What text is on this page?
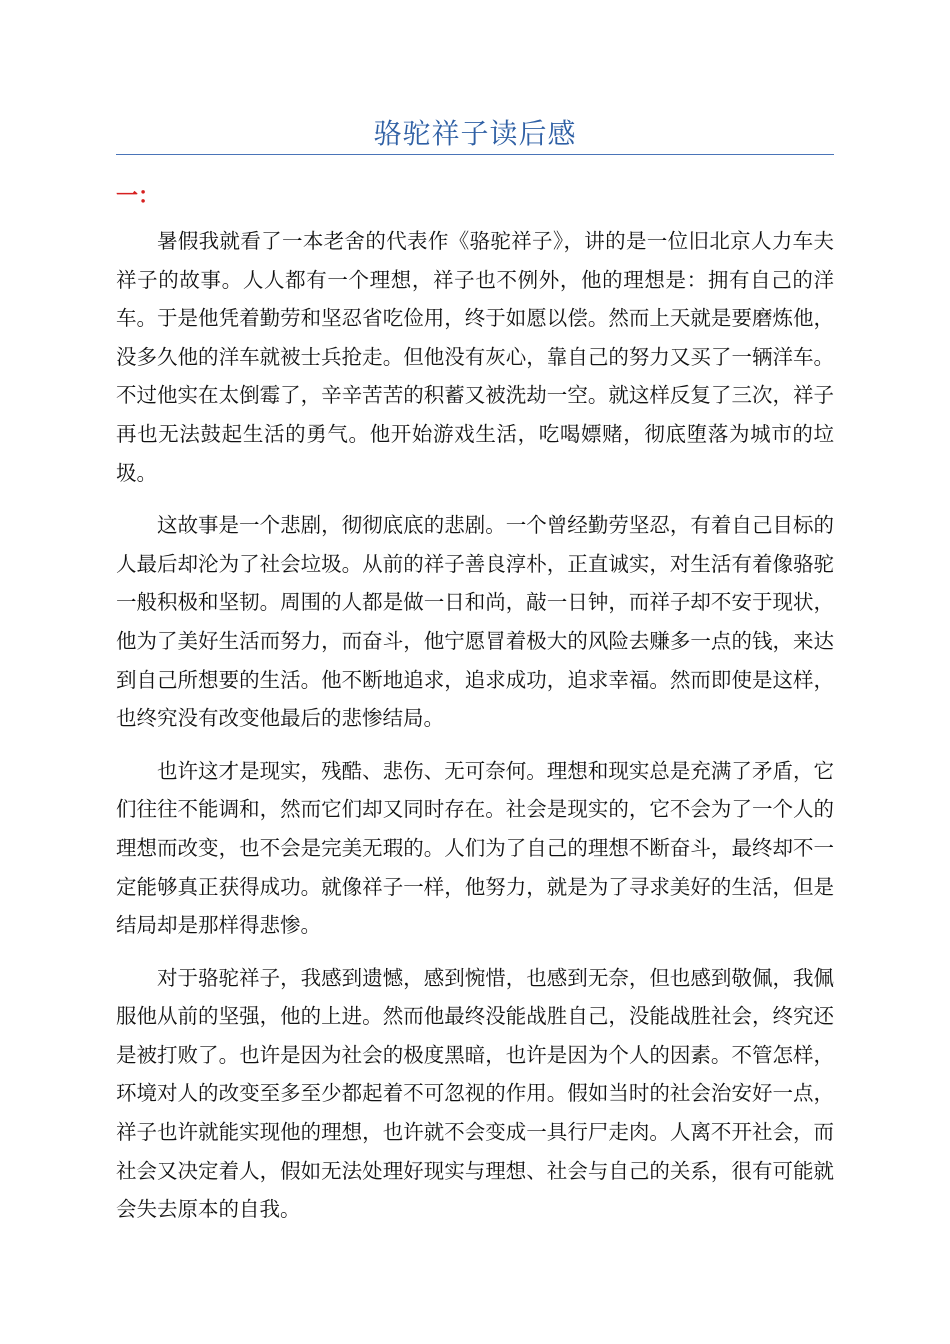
骆驼祥子读后感
一：

暑假我就看了一本老舍的代表作《骆驼祥子》，讲的是一位旧北京人力车夫祥子的故事。人人都有一个理想，祥子也不例外，他的理想是：拥有自己的洋车。于是他凭着勤劳和坚忍省吃俭用，终于如愿以偿。然而上天就是要磨炼他，没多久他的洋车就被士兵抢走。但他没有灰心，靠自己的努力又买了一辆洋车。不过他实在太倒霉了，辛辛苦苦的积蓄又被洗劫一空。就这样反复了三次，祥子再也无法鼓起生活的勇气。他开始游戏生活，吃喝嫖赌，彻底堕落为城市的垃圾。

这故事是一个悲剧，彻彻底底的悲剧。一个曾经勤劳坚忍，有着自己目标的人最后却沦为了社会垃圾。从前的祥子善良淳朴，正直诚实，对生活有着像骆驼一般积极和坚韧。周围的人都是做一日和尚，敲一日钟，而祥子却不安于现状，他为了美好生活而努力，而奋斗，他宁愿冒着极大的风险去赚多一点的钱，来达到自己所想要的生活。他不断地追求，追求成功，追求幸福。然而即使是这样，也终究没有改变他最后的悲惨结局。

也许这才是现实，残酷、悲伤、无可奈何。理想和现实总是充满了矛盾，它们往往不能调和，然而它们却又同时存在。社会是现实的，它不会为了一个人的理想而改变，也不会是完美无瑕的。人们为了自己的理想不断奋斗，最终却不一定能够真正获得成功。就像祥子一样，他努力，就是为了寻求美好的生活，但是结局却是那样得悲惨。

对于骆驼祥子，我感到遗憾，感到惋惜，也感到无奈，但也感到敬佩，我佩服他从前的坚强，他的上进。然而他最终没能战胜自己，没能战胜社会，终究还是被打败了。也许是因为社会的极度黑暗，也许是因为个人的因素。不管怎样，环境对人的改变至多至少都起着不可忽视的作用。假如当时的社会治安好一点，祥子也许就能实现他的理想，也许就不会变成一具行尸走肉。人离不开社会，而社会又决定着人，假如无法处理好现实与理想、社会与自己的关系，很有可能就会失去原本的自我。
